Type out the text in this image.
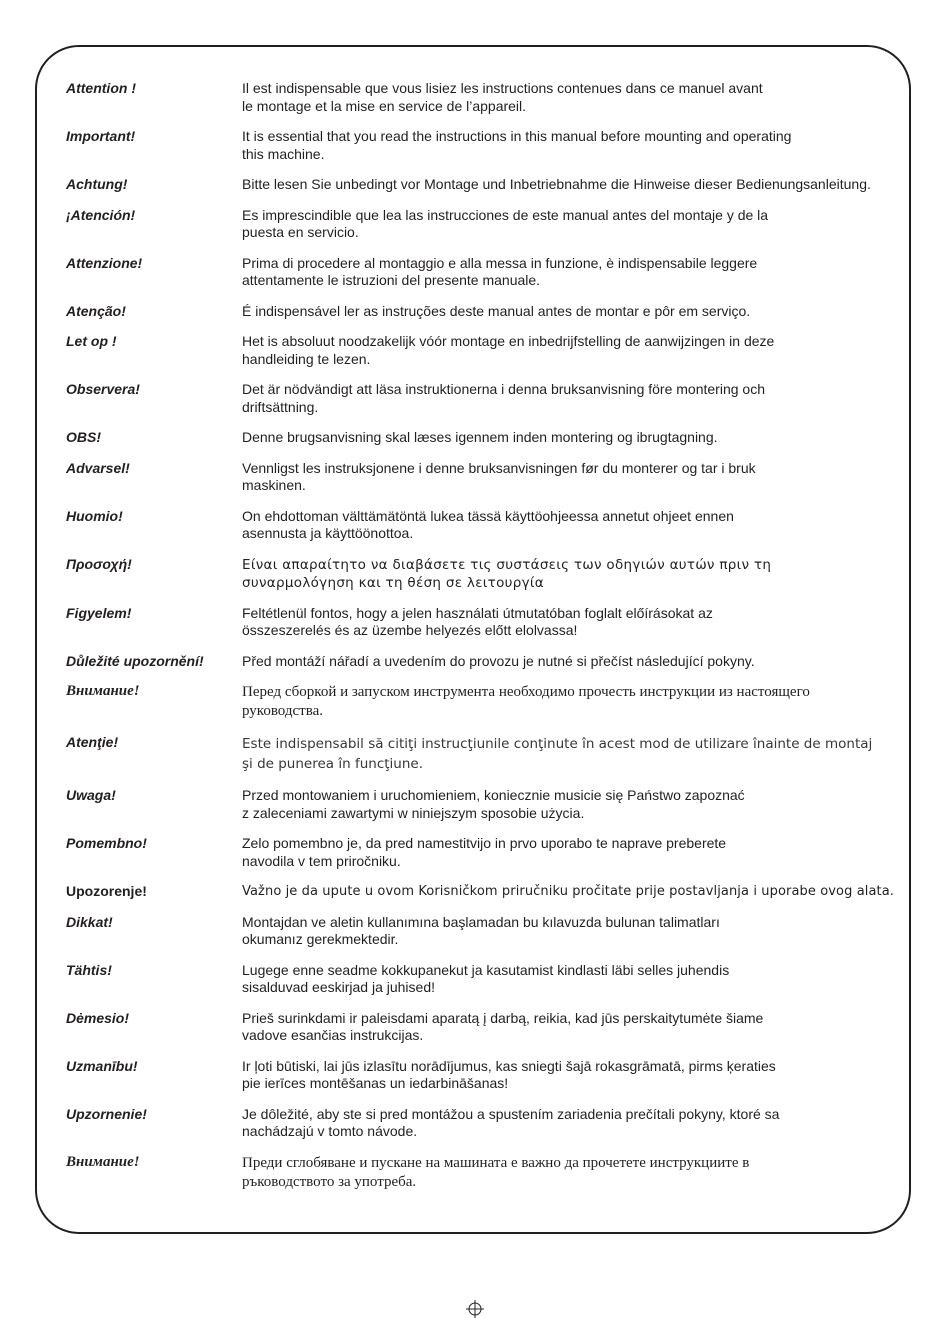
Attention !	Il est indispensable que vous lisiez les instructions contenues dans ce manuel avant
le montage et la mise en service de l’appareil.
Important!	It is essential that you read the instructions in this manual before mounting and operating
this machine.
Achtung!	Bitte lesen Sie unbedingt vor Montage und Inbetriebnahme die Hinweise dieser Bedienungsanleitung.
¡Atención!	Es imprescindible que lea las instrucciones de este manual antes del montaje y de la
puesta en servicio.
Attenzione!	Prima di procedere al montaggio e alla messa in funzione, è indispensabile leggere
attentamente le istruzioni del presente manuale.
Atenção!	É indispensável ler as instruções deste manual antes de montar e pôr em serviço.
Let op !	Het is absoluut noodzakelijk vóór montage en inbedrijfstelling de aanwijzingen in deze
handleiding te lezen.
Observera!	Det är nödvändigt att läsa instruktionerna i denna bruksanvisning före montering och
driftsättning.
OBS!	Denne brugsanvisning skal læses igennem inden montering og ibrugtagning.
Advarsel!	Vennligst les instruksjonene i denne bruksanvisningen før du monterer og tar i bruk
maskinen.
Huomio!	On ehdottoman välttämätöntä lukea tässä käyttöohjeessa annetut ohjeet ennen
asennusta ja käyttöönottoa.
Προσοχή!	Είναι απαραίτητο να διαβάσετε τις συστάσεις των οδηγιών αυτών πριν τη
συναρμολόγηση και τη θέση σε λειτουργία
Figyelem!	Feltétlenül fontos, hogy a jelen használati útmutatóban foglalt előírásokat az
összeszerelés és az üzembe helyezés előtt elolvassa!
Důležité upozornění!	Před montáží nářadí a uvedením do provozu je nutné si přečíst následující pokyny.
Внимание!	Перед сборкой и запуском инструмента необходимо прочесть инструкции из настоящего
руководства.
Atenţie!	Este indispensabil să citiţi instrucţiunile conţinute în acest mod de utilizare înainte de montaj
şi de punerea în funcţiune.
Uwaga!	Przed montowaniem i uruchomieniem, koniecznie musicie się Państwo zapoznać
z zaleceniami zawartymi w niniejszym sposobie użycia.
Pomembno!	Zelo pomembno je, da pred namestitvijo in prvo uporabo te naprave preberete
navodila v tem priročniku.
Upozorenje!	Važno je da upute u ovom Korisničkom priručniku pročitate prije postavljanja i uporabe ovog alata.
Dikkat!	Montajdan ve aletin kullanımına başlamadan bu kılavuzda bulunan talimatları
okumanız gerekmektedir.
Tähtis!	Lugege enne seadme kokkupanekut ja kasutamist kindlasti läbi selles juhendis
sisalduvad eeskirjad ja juhised!
Dėmesio!	Prieš surinkdami ir paleisdami aparatą į darbą, reikia, kad jūs perskaitytumėte šiame
vadove esančias instrukcijas.
Uzmanību!	Ir ļoti būtiski, lai jūs izlasītu norādījumus, kas sniegti šajā rokasgrāmatā, pirms ķeraties
pie ierīces montēšanas un iedarbināšanas!
Upzornenie!	Je dôležité, aby ste si pred montážou a spustením zariadenia prečítali pokyny, ktoré sa
nachádzajú v tomto návode.
Внимание!	Преди сглобяване и пускане на машината е важно да прочетете инструкциите в
ръководството за употреба.
